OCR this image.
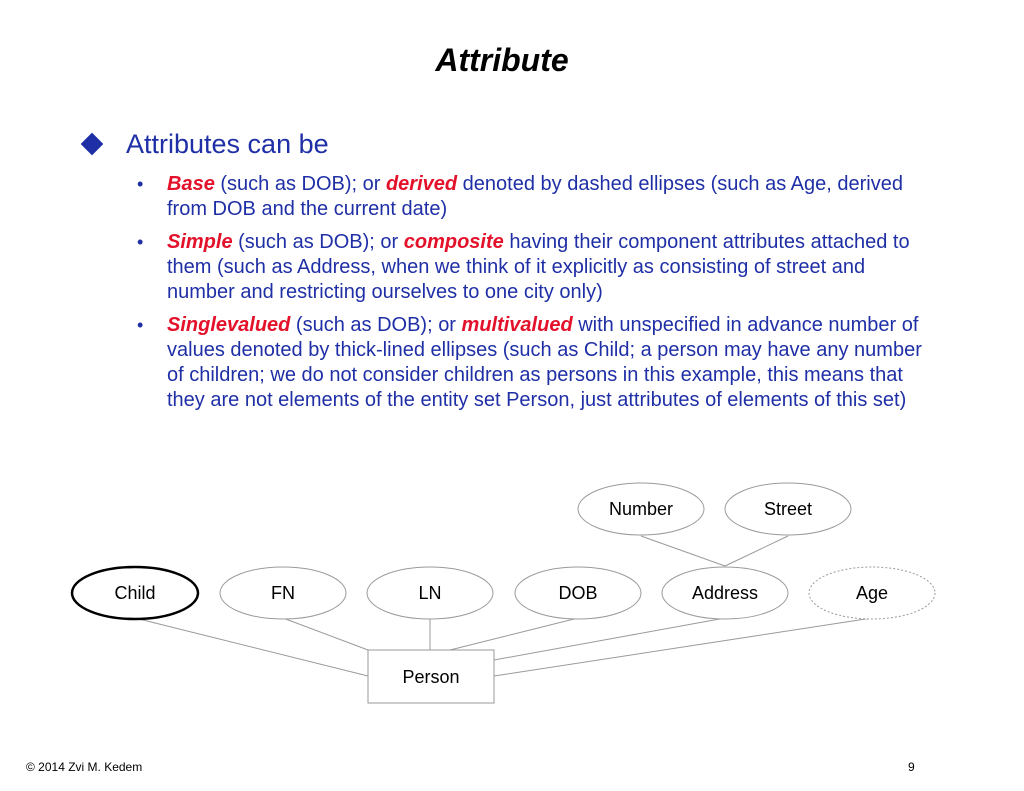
Attribute
Attributes can be
• Base (such as DOB); or derived denoted by dashed ellipses (such as Age, derived from DOB and the current date)
• Simple (such as DOB); or composite having their component attributes attached to them (such as Address, when we think of it explicitly as consisting of street and number and restricting ourselves to one city only)
• Singlevalued (such as DOB); or multivalued with unspecified in advance number of values denoted by thick-lined ellipses (such as Child; a person may have any number of children; we do not consider children as persons in this example, this means that they are not elements of the entity set Person, just attributes of elements of this set)
Number	Street
Child	FN	LN	DOB	Address	Age
Person
© 2014 Zvi M. Kedem	9
